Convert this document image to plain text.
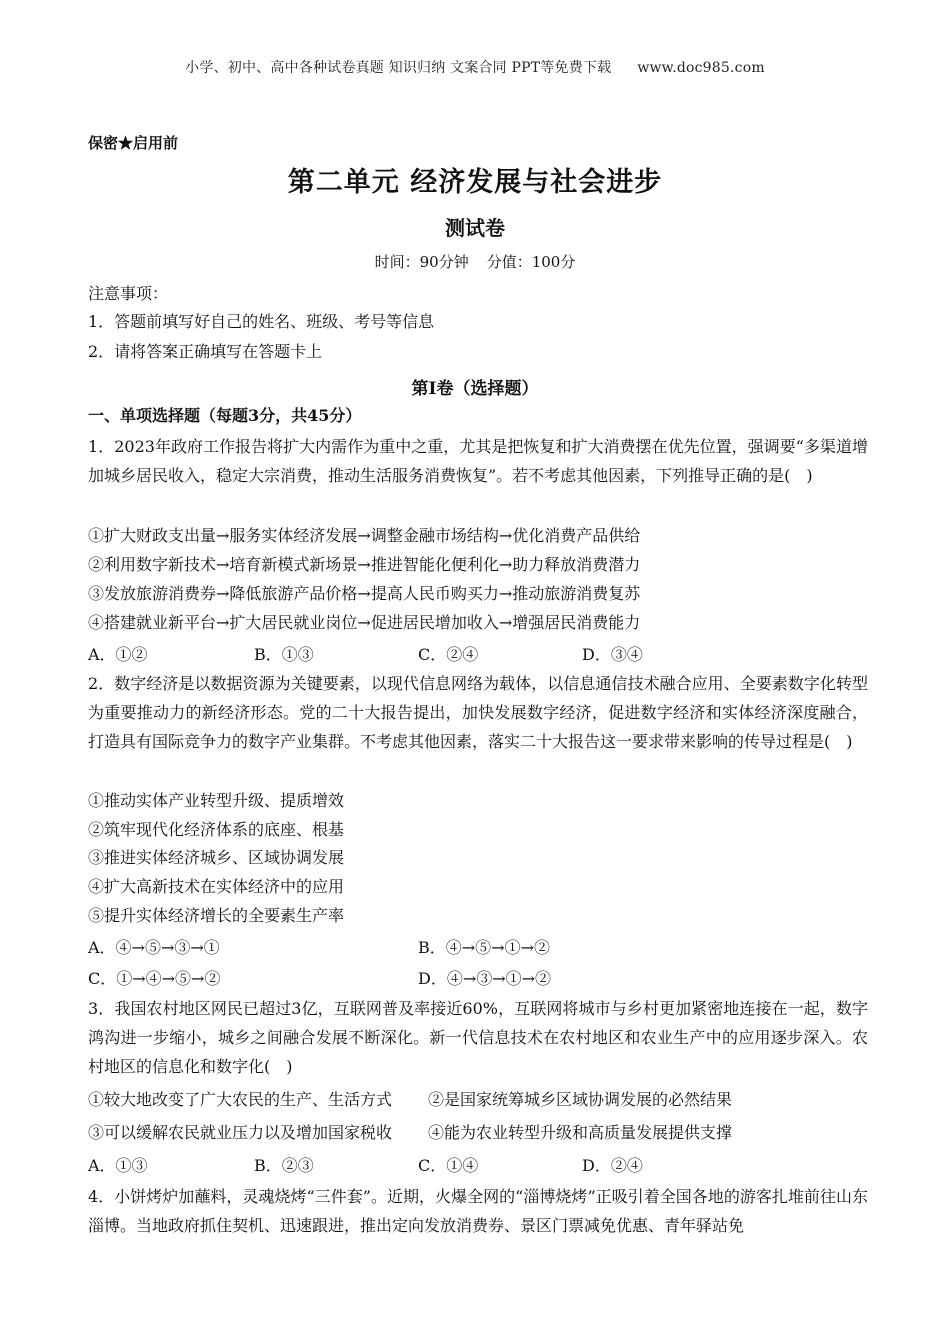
小学、初中、高中各种试卷真题 知识归纳 文案合同 PPT等免费下载 www.doc985.com
保密★启用前
第二单元 经济发展与社会进步
测试卷
时间：90分钟 分值：100分
注意事项：
1．答题前填写好自己的姓名、班级、考号等信息
2．请将答案正确填写在答题卡上
第I卷（选择题）
一、单项选择题（每题3分，共45分）
1．2023年政府工作报告将扩大内需作为重中之重，尤其是把恢复和扩大消费摆在优先位置，强调要“多渠道增加城乡居民收入，稳定大宗消费，推动生活服务消费恢复”。若不考虑其他因素，下列推导正确的是(　)
①扩大财政支出量→服务实体经济发展→调整金融市场结构→优化消费产品供给
②利用数字新技术→培育新模式新场景→推进智能化便利化→助力释放消费潜力
③发放旅游消费券→降低旅游产品价格→提高人民币购买力→推动旅游消费复苏
④搭建就业新平台→扩大居民就业岗位→促进居民增加收入→增强居民消费能力
A．①②	B．①③	C．②④	D．③④
2．数字经济是以数据资源为关键要素，以现代信息网络为载体，以信息通信技术融合应用、全要素数字化转型为重要推动力的新经济形态。党的二十大报告提出，加快发展数字经济，促进数字经济和实体经济深度融合，打造具有国际竞争力的数字产业集群。不考虑其他因素，落实二十大报告这一要求带来影响的传导过程是(　)
①推动实体产业转型升级、提质增效
②筑牢现代化经济体系的底座、根基
③推进实体经济城乡、区域协调发展
④扩大高新技术在实体经济中的应用
⑤提升实体经济增长的全要素生产率
A．④→⑤→③→①	B．④→⑤→①→②
C．①→④→⑤→②	D．④→③→①→②
3．我国农村地区网民已超过3亿，互联网普及率接近60%，互联网将城市与乡村更加紧密地连接在一起，数字鸿沟进一步缩小，城乡之间融合发展不断深化。新一代信息技术在农村地区和农业生产中的应用逐步深入。农村地区的信息化和数字化(　)
①较大地改变了广大农民的生产、生活方式 ②是国家统筹城乡区域协调发展的必然结果
③可以缓解农民就业压力以及增加国家税收 ④能为农业转型升级和高质量发展提供支撑
A．①③	B．②③	C．①④	D．②④
4．小饼烤炉加蘸料，灵魂烧烤“三件套”。近期，火爆全网的“淄博烧烤”正吸引着全国各地的游客扎堆前往山东淄博。当地政府抓住契机、迅速跟进，推出定向发放消费券、景区门票减免优惠、青年驿站免
